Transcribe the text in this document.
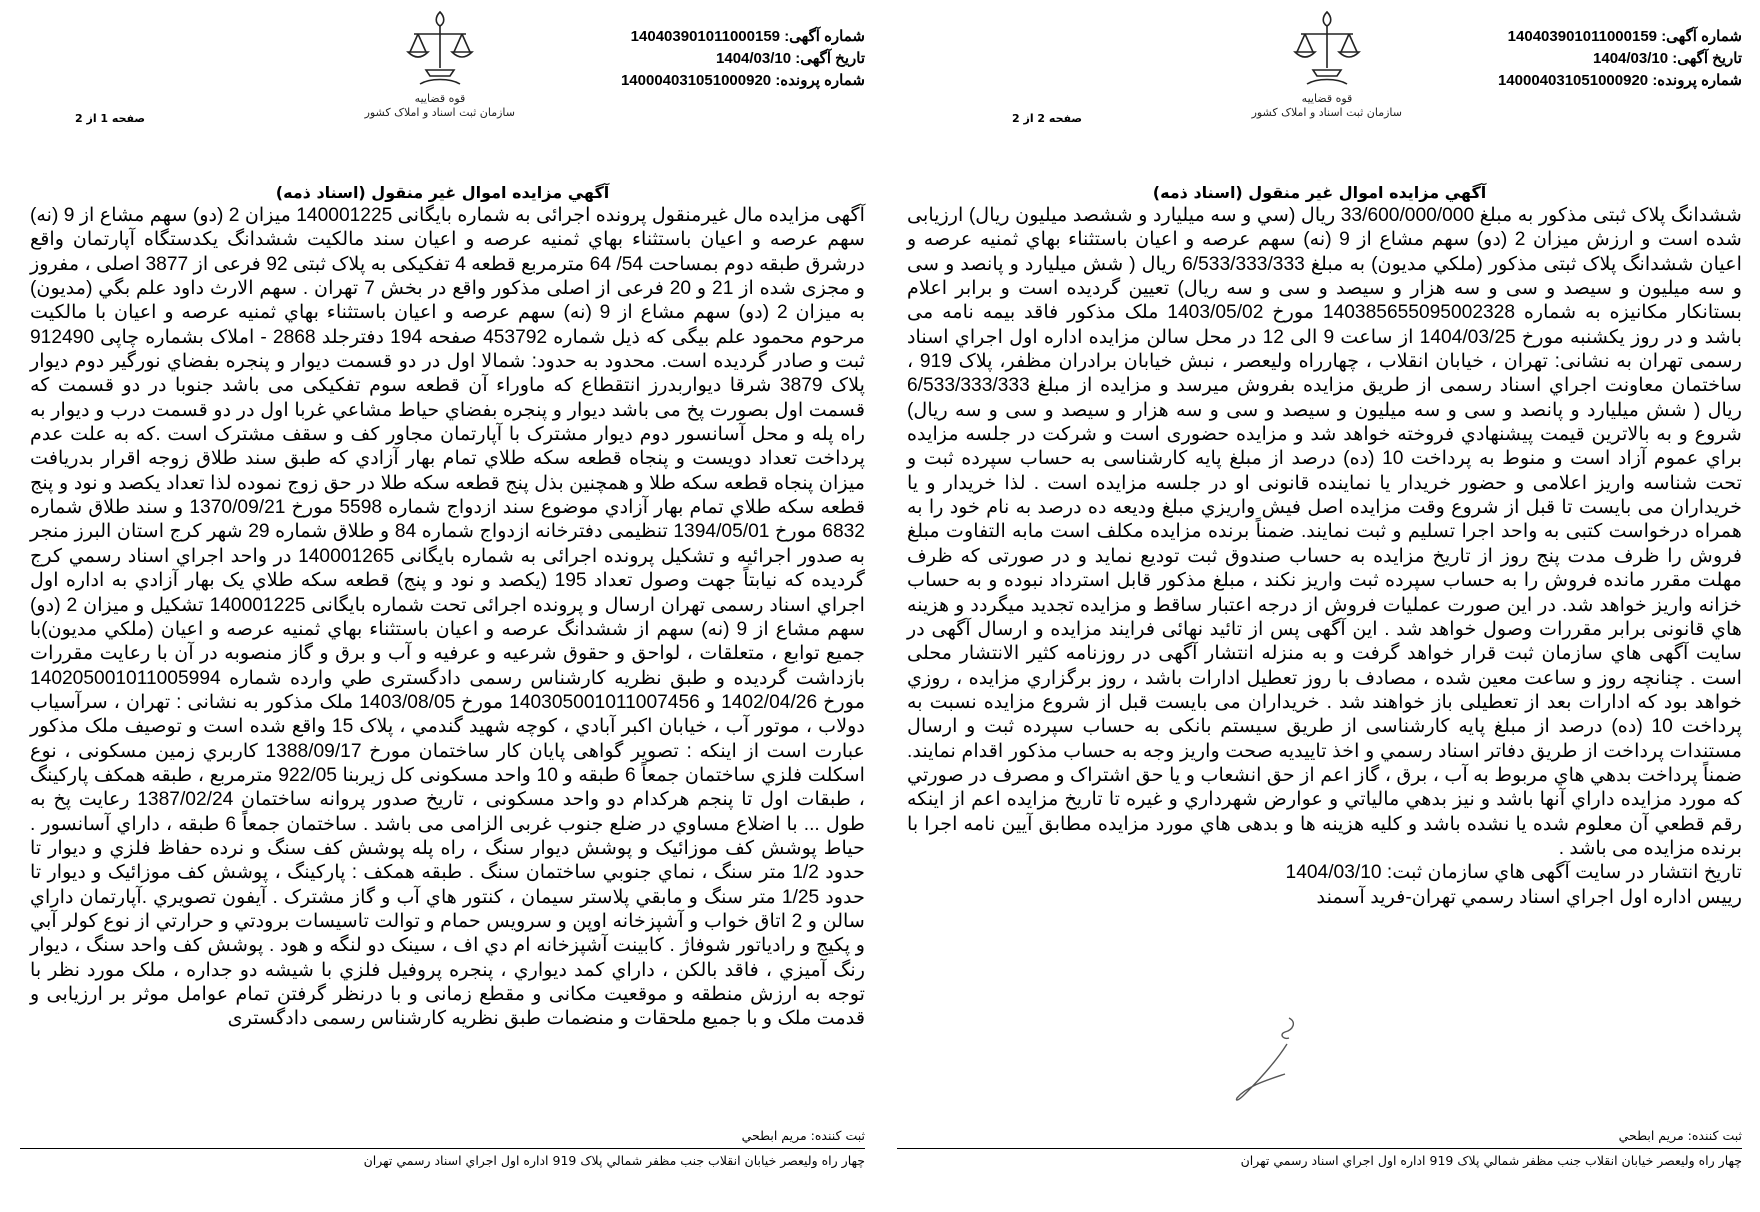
شماره آگهی: 140403901011000159
تاریخ آگهی: 1404/03/10
شماره پرونده: 140004031051000920
قوه قضاییه
سازمان ثبت اسناد و املاک کشور
صفحه 1 از 2
آگهي مزايده اموال غير منقول (اسناد ذمه)

آگهی مزایده مال غیرمنقول پرونده اجرائی به شماره بایگانی 140001225 میزان 2 (دو) سهم مشاع از 9 (نه) سهم عرصه و اعیان باستثناء بهاي ثمنیه عرصه و اعیان سند مالکیت ششدانگ یکدستگاه آپارتمان واقع درشرق طبقه دوم بمساحت 54/ 64 مترمربع قطعه 4 تفکیکی به پلاک ثبتی 92 فرعی از 3877 اصلی ، مفروز و مجزی شده از 21 و 20 فرعی از اصلی مذکور واقع در بخش 7 تهران . سهم الارث داود علم بگي (مدیون) به میزان 2 (دو) سهم مشاع از 9 (نه) سهم عرصه و اعیان باستثناء بهاي ثمنیه عرصه و اعیان با مالکیت مرحوم محمود علم بیگی که ذیل شماره 453792 صفحه 194 دفترجلد 2868 - املاک بشماره چاپی 912490 ثبت و صادر گردیده است. محدود به حدود: شمالا اول در دو قسمت دیوار و پنجره بفضاي نورگیر دوم دیوار پلاک 3879 شرقا دیواربدرز انتقطاع که ماوراء آن قطعه سوم تفکیکی می باشد جنوبا در دو قسمت که قسمت اول بصورت پخ می باشد دیوار و پنجره بفضاي حیاط مشاعي غربا اول در دو قسمت درب و دیوار به راه پله و محل آسانسور دوم دیوار مشترک با آپارتمان مجاور کف و سقف مشترک است .که به علت عدم پرداخت تعداد دویست و پنجاه قطعه سکه طلاي تمام بهار آزادي که طبق سند طلاق زوجه اقرار بدریافت میزان پنجاه قطعه سکه طلا و همچنین بذل پنج قطعه سکه طلا در حق زوج نموده لذا تعداد یکصد و نود و پنج قطعه سکه طلاي تمام بهار آزادي موضوع سند ازدواج شماره 5598 مورخ 1370/09/21 و سند طلاق شماره 6832 مورخ 1394/05/01 تنظیمی دفترخانه ازدواج شماره 84 و طلاق شماره 29 شهر کرج استان البرز منجر به صدور اجرائیه و تشکیل پرونده اجرائی به شماره بایگانی 140001265 در واحد اجراي اسناد رسمي کرج گردیده که نیابتاً جهت وصول تعداد 195 (یکصد و نود و پنج) قطعه سکه طلاي یک بهار آزادي به اداره اول اجراي اسناد رسمی تهران ارسال و پرونده اجرائی تحت شماره بایگانی 140001225 تشکیل و میزان 2 (دو) سهم مشاع از 9 (نه) سهم از ششدانگ عرصه و اعیان باستثناء بهاي ثمنیه عرصه و اعیان (ملکي مدیون)با جمیع توابع ، متعلقات ، لواحق و حقوق شرعیه و عرفیه و آب و برق و گاز منصوبه در آن با رعایت مقررات بازداشت گردیده و طبق نظریه کارشناس رسمی دادگستری طي وارده شماره 140205001011005994 مورخ 1402/04/26 و 140305001011007456 مورخ 1403/08/05 ملک مذکور به نشانی : تهران ، سرآسیاب دولاب ، موتور آب ، خیابان اکبر آبادي ، کوچه شهید گندمي ، پلاک 15 واقع شده است و توصیف ملک مذکور عبارت است از اینکه : تصویر گواهی پایان کار ساختمان مورخ 1388/09/17 کاربري زمین مسکونی ، نوع اسکلت فلزي ساختمان جمعاً 6 طبقه و 10 واحد مسکونی کل زیربنا 922/05 مترمربع ، طبقه همکف پارکینگ ، طبقات اول تا پنجم هرکدام دو واحد مسکونی ، تاریخ صدور پروانه ساختمان 1387/02/24 رعایت پخ به طول ... با اضلاع مساوي در ضلع جنوب غربی الزامی می باشد . ساختمان جمعاً 6 طبقه ، داراي آسانسور . حیاط پوشش کف موزائیک و پوشش دیوار سنگ ، راه پله پوشش کف سنگ و نرده حفاظ فلزي و دیوار تا حدود 1/2 متر سنگ ، نماي جنوبي ساختمان سنگ . طبقه همکف : پارکینگ ، پوشش کف موزائیک و دیوار تا حدود 1/25 متر سنگ و مابقي پلاستر سیمان ، کنتور هاي آب و گاز مشترک . آیفون تصویري .آپارتمان داراي سالن و 2 اتاق خواب و آشپزخانه اوپن و سرویس حمام و توالت تاسیسات برودتي و حرارتي از نوع کولر آبي و پکیج و رادیاتور شوفاژ . کابینت آشپزخانه ام دي اف ، سینک دو لنگه و هود . پوشش کف واحد سنگ ، دیوار رنگ آمیزي ، فاقد بالکن ، داراي کمد دیواري ، پنجره پروفیل فلزي با شیشه دو جداره ، ملک مورد نظر با توجه به ارزش منطقه و موقعیت مکانی و مقطع زمانی و با درنظر گرفتن تمام عوامل موثر بر ارزیابی و قدمت ملک و با جمیع ملحقات و منضمات طبق نظریه کارشناس رسمی دادگستری

ثبت کننده: مریم ابطحي
چهار راه ولیعصر خیابان انقلاب جنب مظفر شمالي پلاک 919 اداره اول اجراي اسناد رسمي تهران
شماره آگهی: 140403901011000159
تاریخ آگهی: 1404/03/10
شماره پرونده: 140004031051000920
قوه قضاییه
سازمان ثبت اسناد و املاک کشور
صفحه 2 از 2
آگهي مزايده اموال غير منقول (اسناد ذمه)

ششدانگ پلاک ثبتی مذکور به مبلغ 33/600/000/000 ریال (سي و سه میلیارد و ششصد میلیون ریال) ارزیابی شده است و ارزش میزان 2 (دو) سهم مشاع از 9 (نه) سهم عرصه و اعیان باستثناء بهاي ثمنیه عرصه و اعیان ششدانگ پلاک ثبتی مذکور (ملکي مدیون) به مبلغ 6/533/333/333 ریال ( شش میلیارد و پانصد و سی و سه میلیون و سیصد و سی و سه هزار و سیصد و سی و سه ریال) تعیین گردیده است و برابر اعلام بستانکار مکانیزه به شماره 140385655095002328 مورخ 1403/05/02 ملک مذکور فاقد بیمه نامه می باشد و در روز یکشنبه مورخ 1404/03/25 از ساعت 9 الی 12 در محل سالن مزایده اداره اول اجراي اسناد رسمی تهران به نشانی: تهران ، خیابان انقلاب ، چهارراه ولیعصر ، نبش خیابان برادران مظفر، پلاک 919 ، ساختمان معاونت اجراي اسناد رسمی از طریق مزایده بفروش میرسد و مزایده از مبلغ 6/533/333/333 ریال ( شش میلیارد و پانصد و سی و سه میلیون و سیصد و سی و سه هزار و سیصد و سی و سه ریال) شروع و به بالاترین قیمت پیشنهادي فروخته خواهد شد و مزایده حضوری است و شرکت در جلسه مزایده براي عموم آزاد است و منوط به پرداخت 10 (ده) درصد از مبلغ پایه کارشناسی به حساب سپرده ثبت و تحت شناسه واریز اعلامی و حضور خریدار یا نماینده قانونی او در جلسه مزایده است . لذا خریدار و یا خریداران می بایست تا قبل از شروع وقت مزایده اصل فیش واریزي مبلغ ودیعه ده درصد به نام خود را به همراه درخواست کتبی به واحد اجرا تسلیم و ثبت نمایند. ضمناً برنده مزایده مکلف است مابه التفاوت مبلغ فروش را ظرف مدت پنج روز از تاریخ مزایده به حساب صندوق ثبت تودیع نماید و در صورتی که ظرف مهلت مقرر مانده فروش را به حساب سپرده ثبت واریز نکند ، مبلغ مذکور قابل استرداد نبوده و به حساب خزانه واریز خواهد شد. در این صورت عملیات فروش از درجه اعتبار ساقط و مزایده تجدید میگردد و هزینه هاي قانونی برابر مقررات وصول خواهد شد . این آگهی پس از تائید نهائی فرایند مزایده و ارسال آگهی در سایت آگهی هاي سازمان ثبت قرار خواهد گرفت و به منزله انتشار آگهی در روزنامه کثیر الانتشار محلی است . چنانچه روز و ساعت معین شده ، مصادف با روز تعطیل ادارات باشد ، روز برگزاري مزایده ، روزي خواهد بود که ادارات بعد از تعطیلی باز خواهند شد . خریداران می بایست قبل از شروع مزایده نسبت به پرداخت 10 (ده) درصد از مبلغ پایه کارشناسی از طریق سیستم بانکی به حساب سپرده ثبت و ارسال مستندات پرداخت از طریق دفاتر اسناد رسمي و اخذ تاییدیه صحت واریز وجه به حساب مذکور اقدام نمایند. ضمناً پرداخت بدهي هاي مربوط به آب ، برق ، گاز اعم از حق انشعاب و یا حق اشتراک و مصرف در صورتي که مورد مزایده داراي آنها باشد و نیز بدهي مالیاتي و عوارض شهرداري و غیره تا تاریخ مزایده اعم از اینکه رقم قطعي آن معلوم شده یا نشده باشد و کلیه هزینه ها و بدهی هاي مورد مزایده مطابق آیین نامه اجرا با برنده مزایده می باشد .

تاریخ انتشار در سایت آگهی هاي سازمان ثبت: 1404/03/10

رییس اداره اول اجراي اسناد رسمي تهران-فرید آسمند

ثبت کننده: مریم ابطحي
چهار راه ولیعصر خیابان انقلاب جنب مظفر شمالي پلاک 919 اداره اول اجراي اسناد رسمي تهران
